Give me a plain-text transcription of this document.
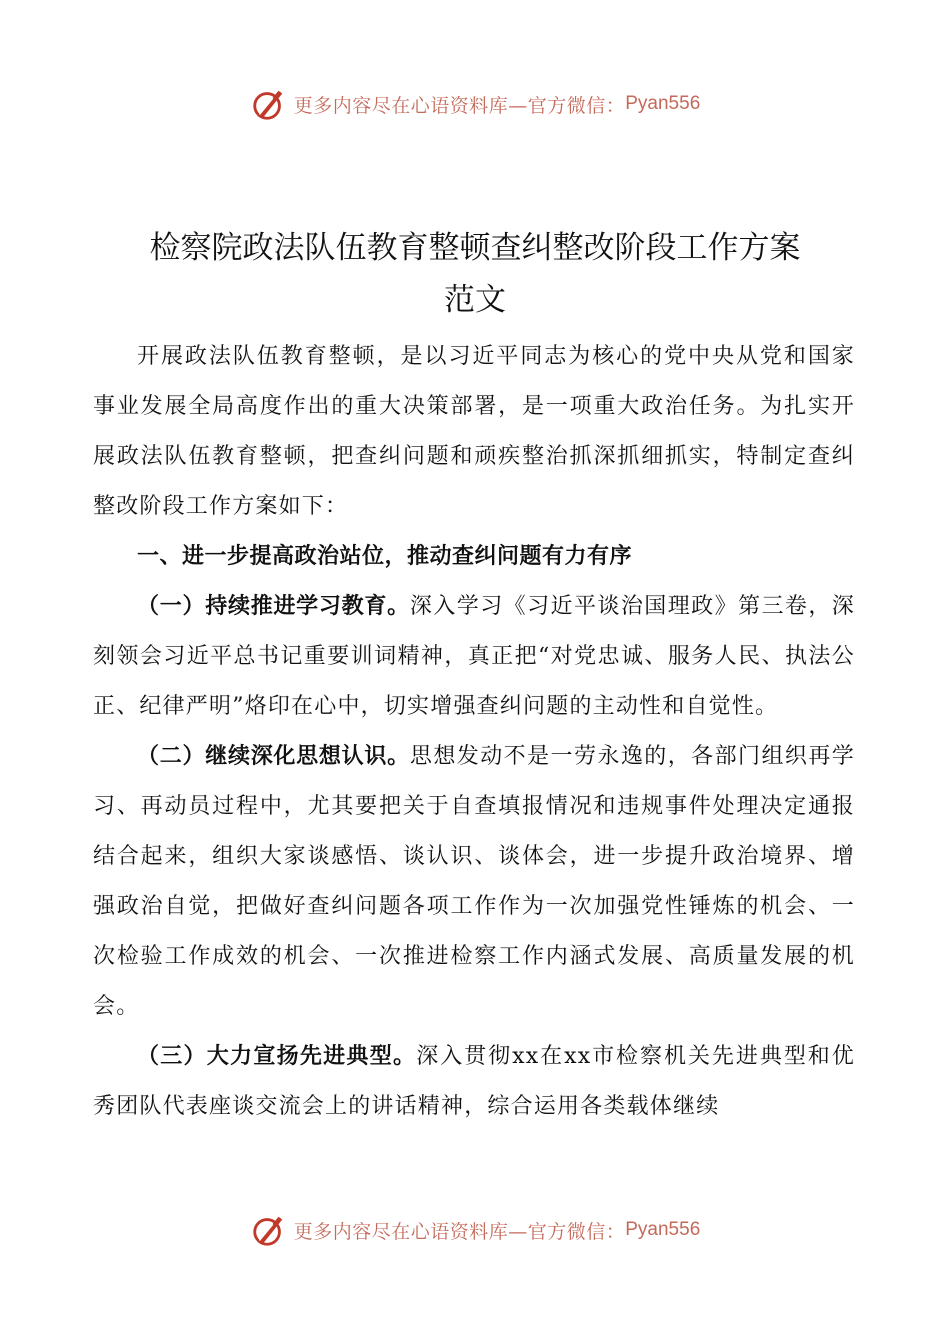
更多内容尽在心语资料库—官方微信： Pyan556
检察院政法队伍教育整顿查纠整改阶段工作方案
范文

开展政法队伍教育整顿，是以习近平同志为核心的党中央从党和国家事业发展全局高度作出的重大决策部署，是一项重大政治任务。为扎实开展政法队伍教育整顿，把查纠问题和顽疾整治抓深抓细抓实，特制定查纠整改阶段工作方案如下：

一、进一步提高政治站位，推动查纠问题有力有序

（一）持续推进学习教育。深入学习《习近平谈治国理政》第三卷，深刻领会习近平总书记重要训词精神，真正把“对党忠诚、服务人民、执法公正、纪律严明”烙印在心中，切实增强查纠问题的主动性和自觉性。

（二）继续深化思想认识。思想发动不是一劳永逸的，各部门组织再学习、再动员过程中，尤其要把关于自查填报情况和违规事件处理决定通报结合起来，组织大家谈感悟、谈认识、谈体会，进一步提升政治境界、增强政治自觉，把做好查纠问题各项工作作为一次加强党性锤炼的机会、一次检验工作成效的机会、一次推进检察工作内涵式发展、高质量发展的机会。

（三）大力宣扬先进典型。深入贯彻xx在xx市检察机关先进典型和优秀团队代表座谈交流会上的讲话精神，综合运用各类载体继续

更多内容尽在心语资料库—官方微信： Pyan556
